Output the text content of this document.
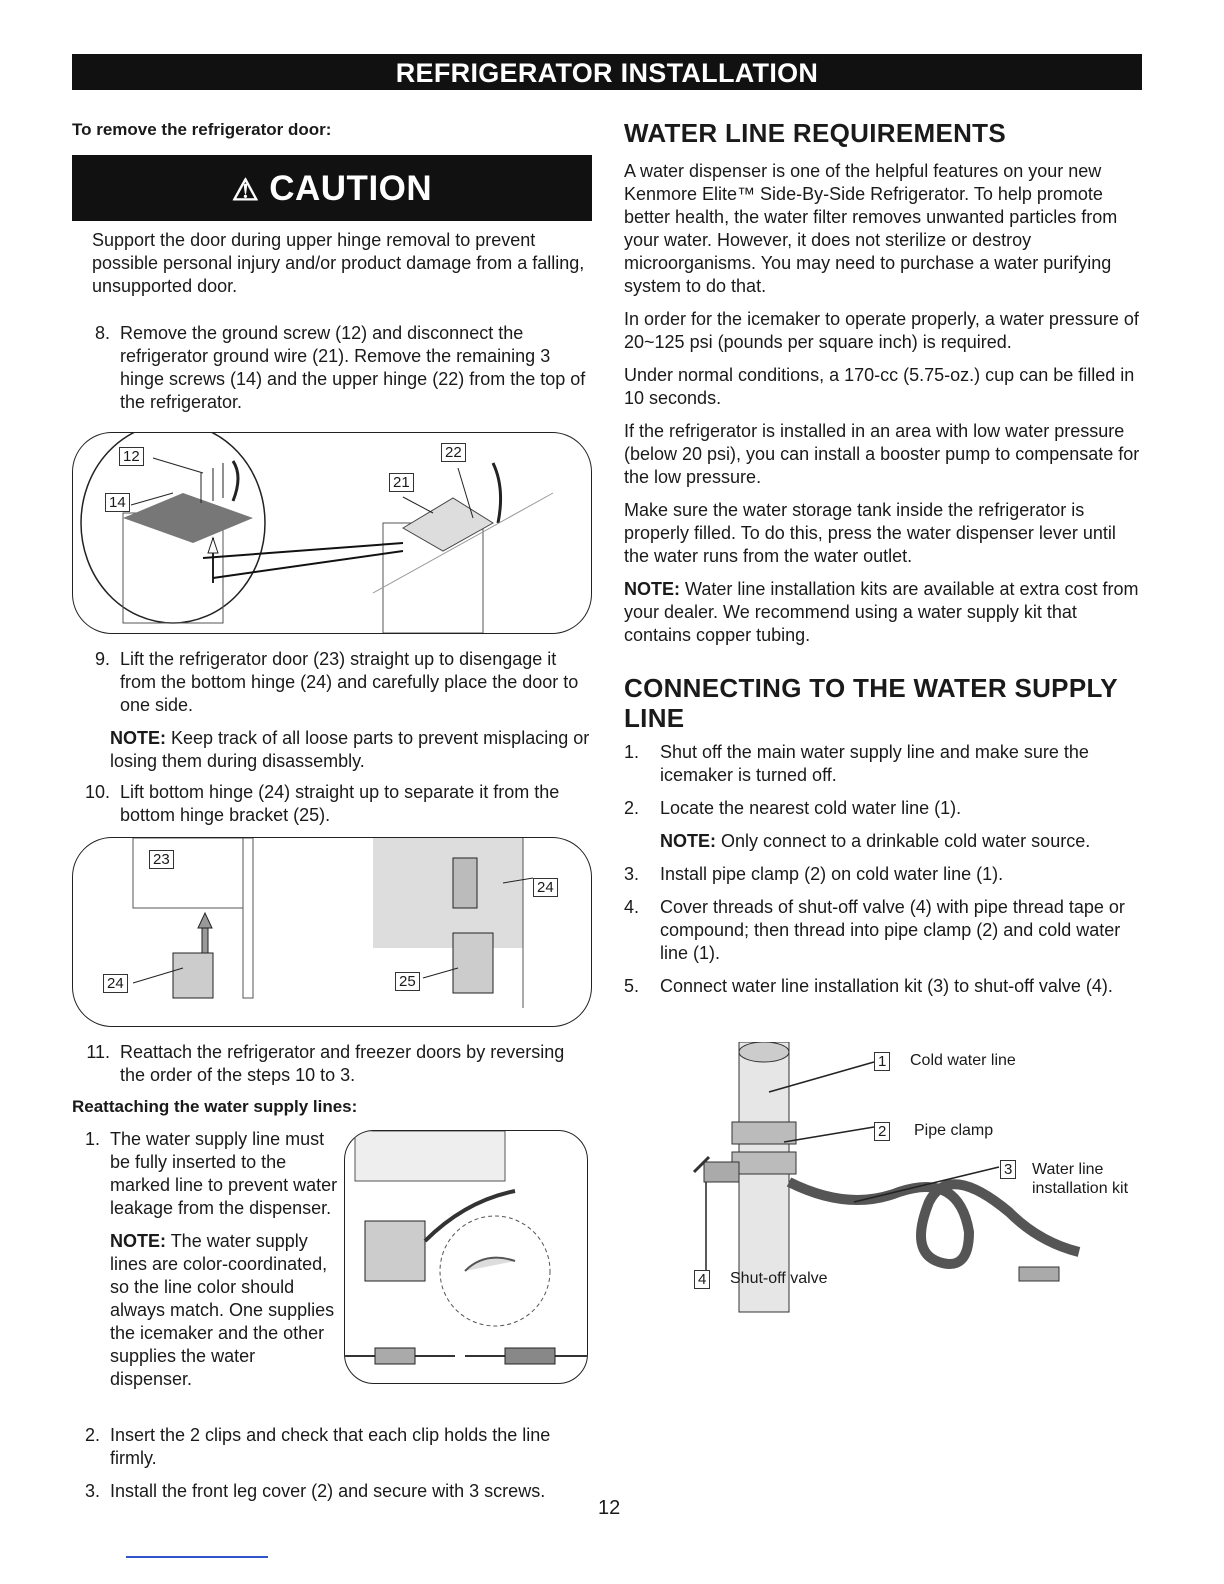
REFRIGERATOR INSTALLATION

To remove the refrigerator door:

⚠ CAUTION

Support the door during upper hinge removal to prevent possible personal injury and/or product damage from a falling, unsupported door.

8. Remove the ground screw (12) and disconnect the refrigerator ground wire (21). Remove the remaining 3 hinge screws (14) and the upper hinge (22) from the top of the refrigerator.
12
14
21
22
9. Lift the refrigerator door (23) straight up to disengage it from the bottom hinge (24) and carefully place the door to one side.
NOTE: Keep track of all loose parts to prevent misplacing or losing them during disassembly.
10. Lift bottom hinge (24) straight up to separate it from the bottom hinge bracket (25).
23
24
24	25
11. Reattach the refrigerator and freezer doors by reversing the order of the steps 10 to 3.

Reattaching the water supply lines:

1. The water supply line must be fully inserted to the marked line to prevent water leakage from the dispenser.
NOTE: The water supply lines are color-coordinated, so the line color should always match. One supplies the icemaker and the other supplies the water dispenser.
2. Insert the 2 clips and check that each clip holds the line firmly.
3. Install the front leg cover (2) and secure with 3 screws.
WATER LINE REQUIREMENTS

A water dispenser is one of the helpful features on your new Kenmore Elite™ Side-By-Side Refrigerator. To help promote better health, the water filter removes unwanted particles from your water. However, it does not sterilize or destroy microorganisms. You may need to purchase a water purifying system to do that.

In order for the icemaker to operate properly, a water pressure of 20~125 psi (pounds per square inch) is required.

Under normal conditions, a 170-cc (5.75-oz.) cup can be filled in 10 seconds.

If the refrigerator is installed in an area with low water pressure (below 20 psi), you can install a booster pump to compensate for the low pressure.

Make sure the water storage tank inside the refrigerator is properly filled. To do this, press the water dispenser lever until the water runs from the water outlet.

NOTE: Water line installation kits are available at extra cost from your dealer. We recommend using a water supply kit that contains copper tubing.

CONNECTING TO THE WATER SUPPLY LINE
1.	Shut off the main water supply line and make sure the icemaker is turned off.
2.	Locate the nearest cold water line (1).
NOTE: Only connect to a drinkable cold water source.
3.	Install pipe clamp (2) on cold water line (1).
4.	Cover threads of shut-off valve (4) with pipe thread tape or compound; then thread into pipe clamp (2) and cold water line (1).
5.	Connect water line installation kit (3) to shut-off valve (4).
1 Cold water line
2 Pipe clamp
3 Water line
installation kit
4 Shut-off valve
12
